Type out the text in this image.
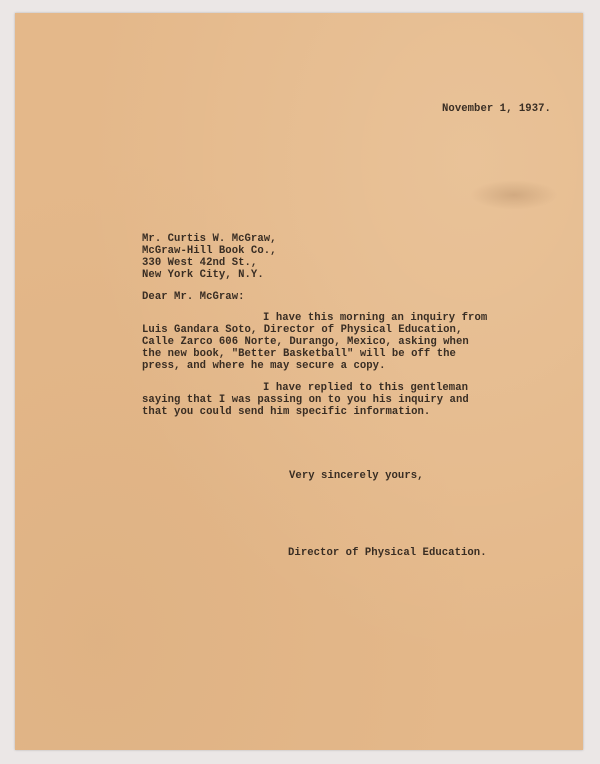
November 1, 1937.
Mr. Curtis W. McGraw,
McGraw-Hill Book Co.,
330 West 42nd St.,
New York City, N.Y.
Dear Mr. McGraw:
I have this morning an inquiry from
Luis Gandara Soto, Director of Physical Education,
Calle Zarco 606 Norte, Durango, Mexico, asking when
the new book, "Better Basketball" will be off the
press, and where he may secure a copy.
I have replied to this gentleman
saying that I was passing on to you his inquiry and
that you could send him specific information.
Very sincerely yours,
Director of Physical Education.
